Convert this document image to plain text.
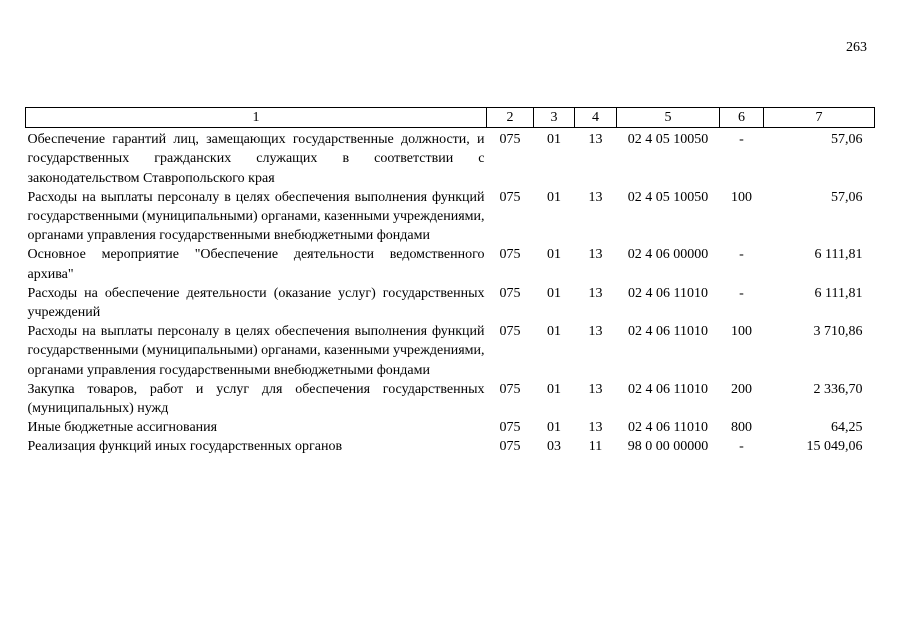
263
1	2	3	4	5	6	7
Обеспечение гарантий лиц, замещающих государственные должности, и государственных гражданских служащих в соответствии с законодательством Ставропольского края	075	01	13	02 4 05 10050	-	57,06
Расходы на выплаты персоналу в целях обеспечения выполнения функций государственными (муниципальными) органами, казенными учреждениями, органами управления государственными внебюджетными фондами	075	01	13	02 4 05 10050	100	57,06
Основное мероприятие "Обеспечение деятельности ведомственного архива"	075	01	13	02 4 06 00000	-	6 111,81
Расходы на обеспечение деятельности (оказание услуг) государственных учреждений	075	01	13	02 4 06 11010	-	6 111,81
Расходы на выплаты персоналу в целях обеспечения выполнения функций государственными (муниципальными) органами, казенными учреждениями, органами управления государственными внебюджетными фондами	075	01	13	02 4 06 11010	100	3 710,86
Закупка товаров, работ и услуг для обеспечения государственных (муниципальных) нужд	075	01	13	02 4 06 11010	200	2 336,70
Иные бюджетные ассигнования	075	01	13	02 4 06 11010	800	64,25
Реализация функций иных государственных органов	075	03	11	98 0 00 00000	-	15 049,06
